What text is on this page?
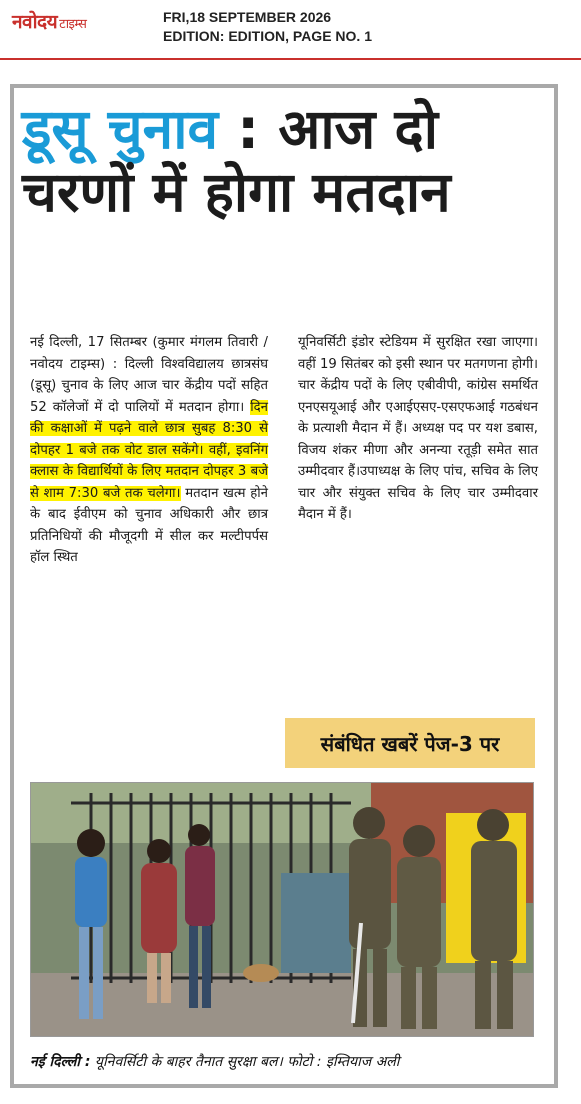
नवोदय टाइम्स	FRI,18 SEPTEMBER 2026
EDITION: EDITION, PAGE NO. 1
डूसू चुनाव : आज दो
चरणों में होगा मतदान
नई दिल्ली, 17 सितम्बर (कुमार मंगलम तिवारी /नवोदय टाइम्स) : दिल्ली विश्वविद्यालय छात्रसंघ (डूसू) चुनाव के लिए आज चार केंद्रीय पदों सहित 52 कॉलेजों में दो पालियों में मतदान होगा। दिन की कक्षाओं में पढ़ने वाले छात्र सुबह 8:30 से दोपहर 1 बजे तक वोट डाल सकेंगे। वहीं, इवनिंग क्लास के विद्यार्थियों के लिए मतदान दोपहर 3 बजे से शाम 7:30 बजे तक चलेगा। मतदान खत्म होने के बाद ईवीएम को चुनाव अधिकारी और छात्र प्रतिनिधियों की मौजूदगी में सील कर मल्टीपर्पस हॉल स्थित
यूनिवर्सिटी इंडोर स्टेडियम में सुरक्षित रखा जाएगा। वहीं 19 सितंबर को इसी स्थान पर मतगणना होगी। चार केंद्रीय पदों के लिए एबीवीपी, कांग्रेस समर्थित एनएसयूआई और एआईएसए-एसएफआई गठबंधन के प्रत्याशी मैदान में हैं। अध्यक्ष पद पर यश डबास, विजय शंकर मीणा और अनन्या रतूड़ी समेत सात उम्मीदवार हैं।उपाध्यक्ष के लिए पांच, सचिव के लिए चार और संयुक्त सचिव के लिए चार उम्मीदवार मैदान में हैं।
संबंधित खबरें पेज-3 पर
नई दिल्ली : यूनिवर्सिटी के बाहर तैनात सुरक्षा बल। फोटो : इम्तियाज अली
